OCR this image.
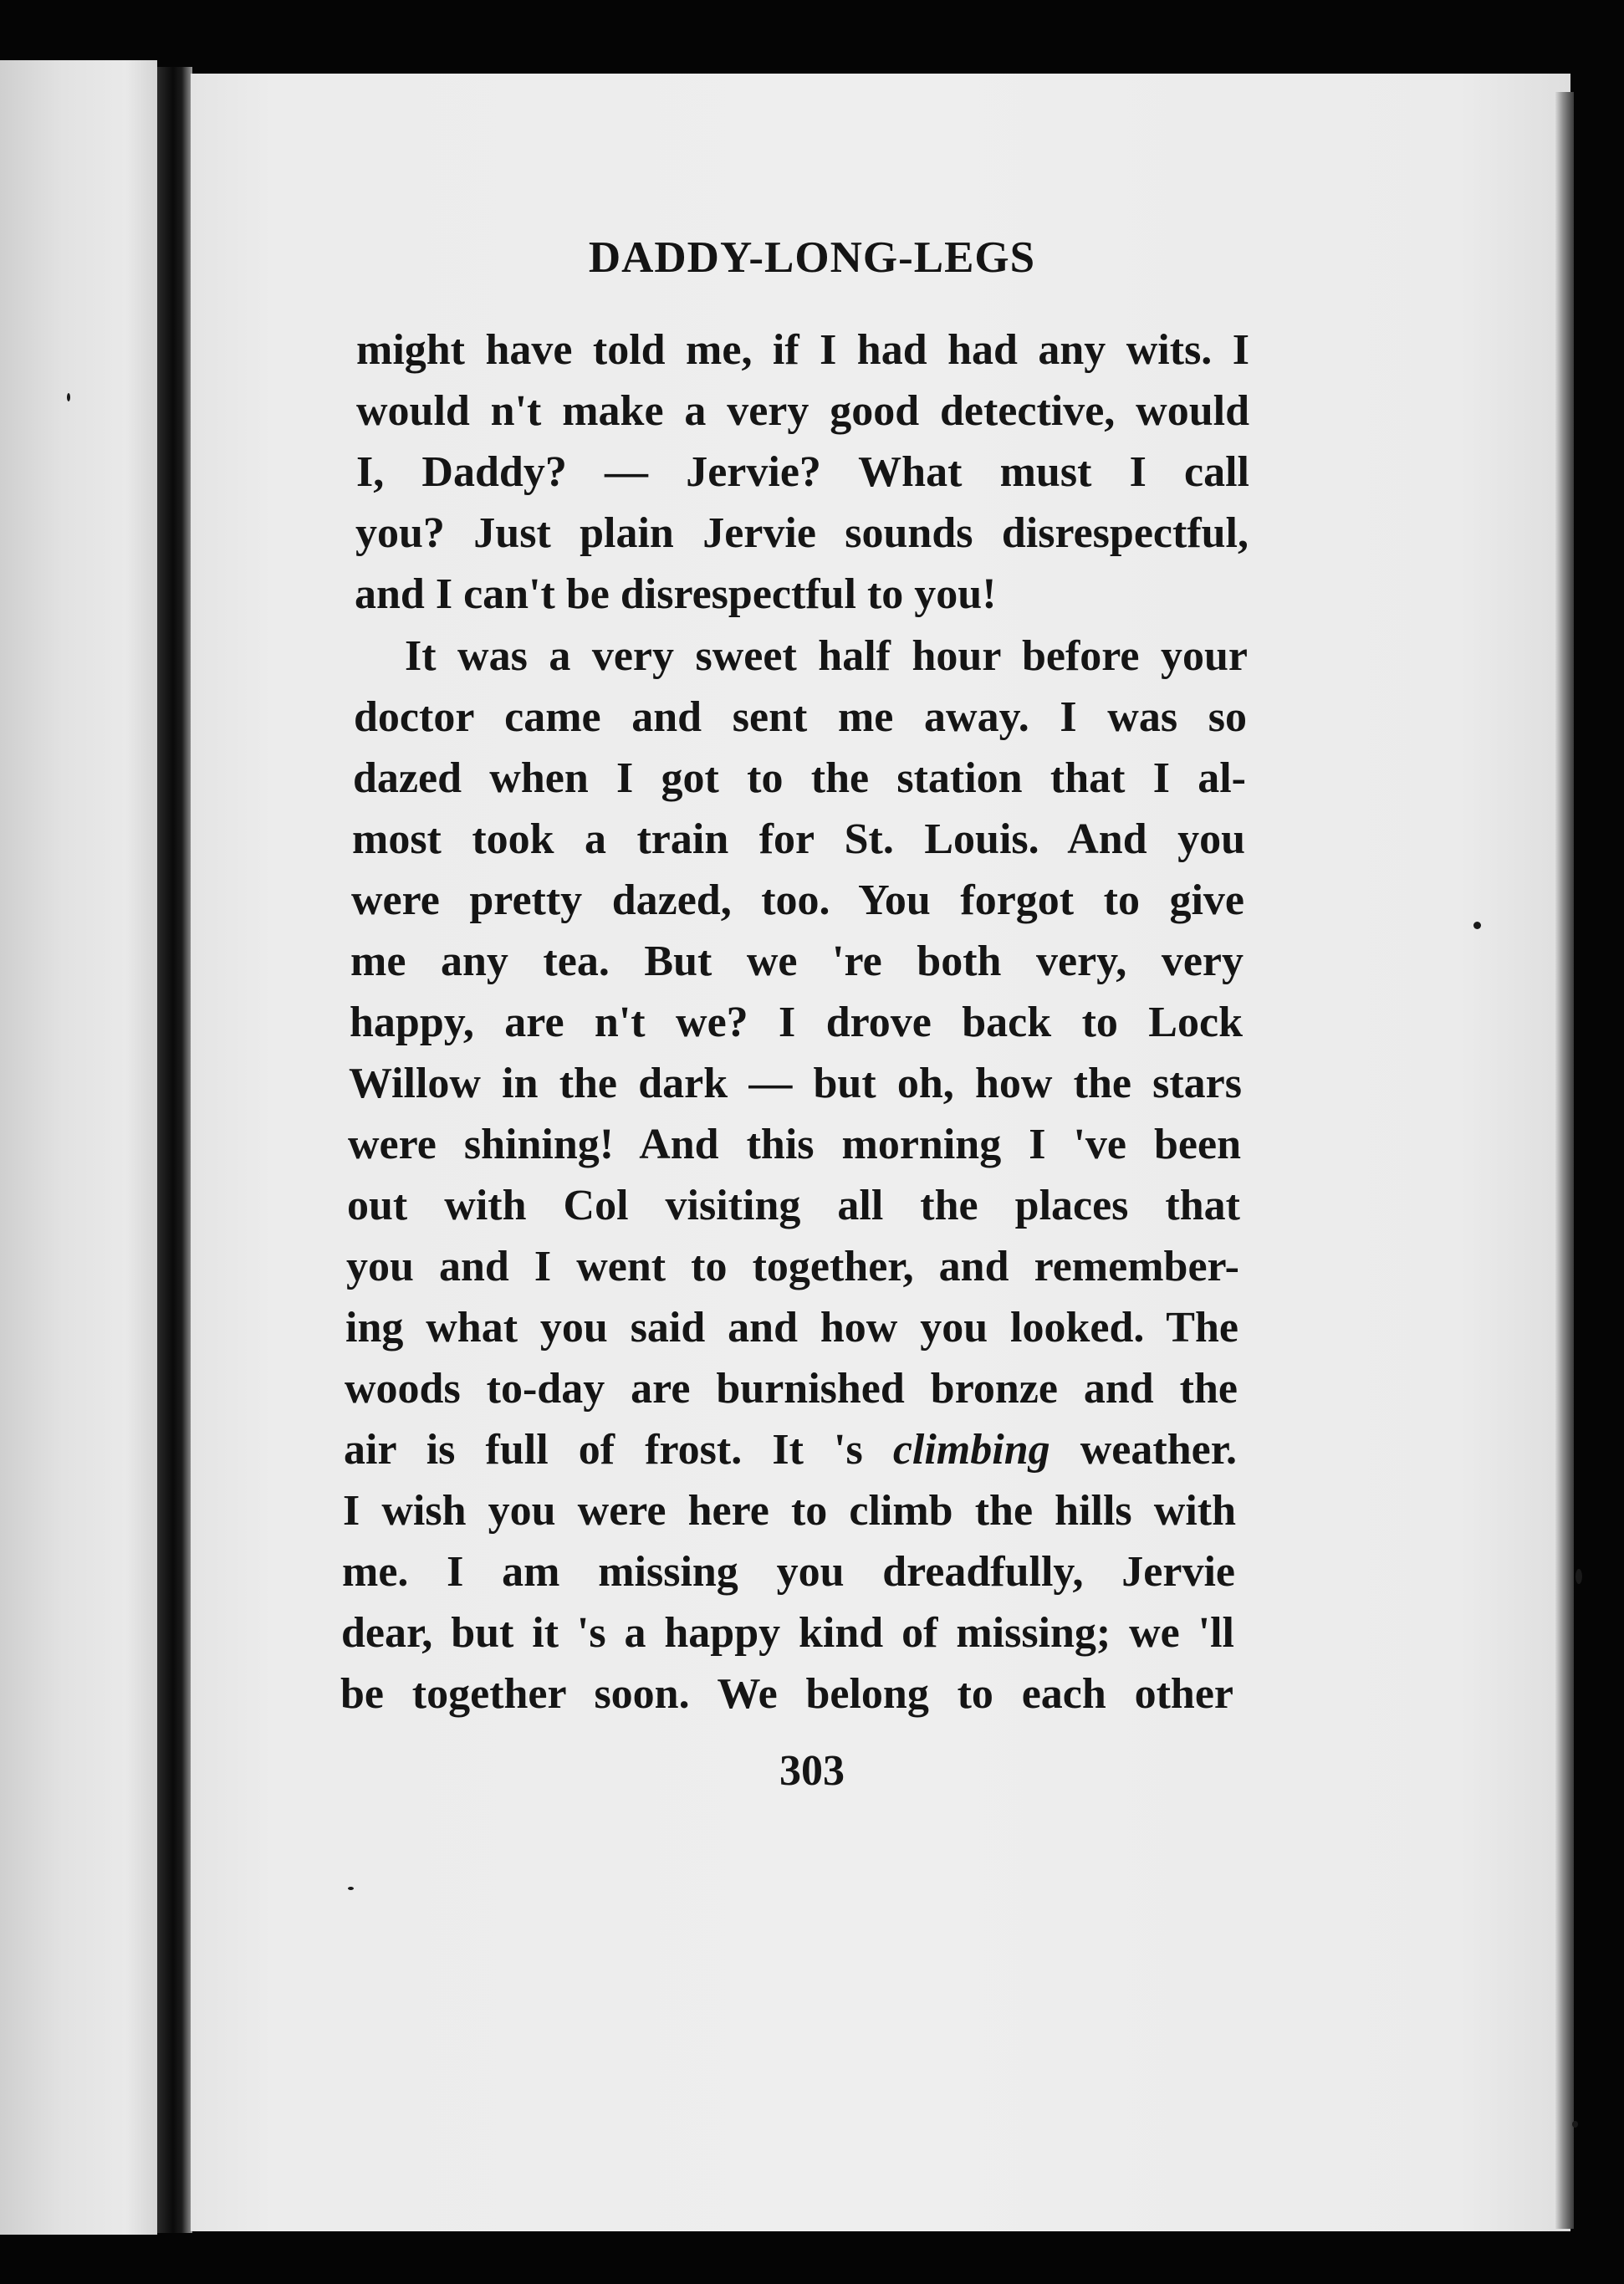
DADDY-LONG-LEGS

might have told me, if I had had any wits. I

would n't make a very good detective, would

I, Daddy? — Jervie? What must I call

you? Just plain Jervie sounds disrespectful,

and I can't be disrespectful to you!

It was a very sweet half hour before your

doctor came and sent me away. I was so

dazed when I got to the station that I al-

most took a train for St. Louis. And you

were pretty dazed, too. You forgot to give

me any tea. But we 're both very, very

happy, are n't we? I drove back to Lock

Willow in the dark — but oh, how the stars

were shining! And this morning I 've been

out with Col visiting all the places that

you and I went to together, and remember-

ing what you said and how you looked. The

woods to-day are burnished bronze and the

air is full of frost. It 's climbing weather.

I wish you were here to climb the hills with

me. I am missing you dreadfully, Jervie

dear, but it 's a happy kind of missing; we 'll

be together soon. We belong to each other

303
